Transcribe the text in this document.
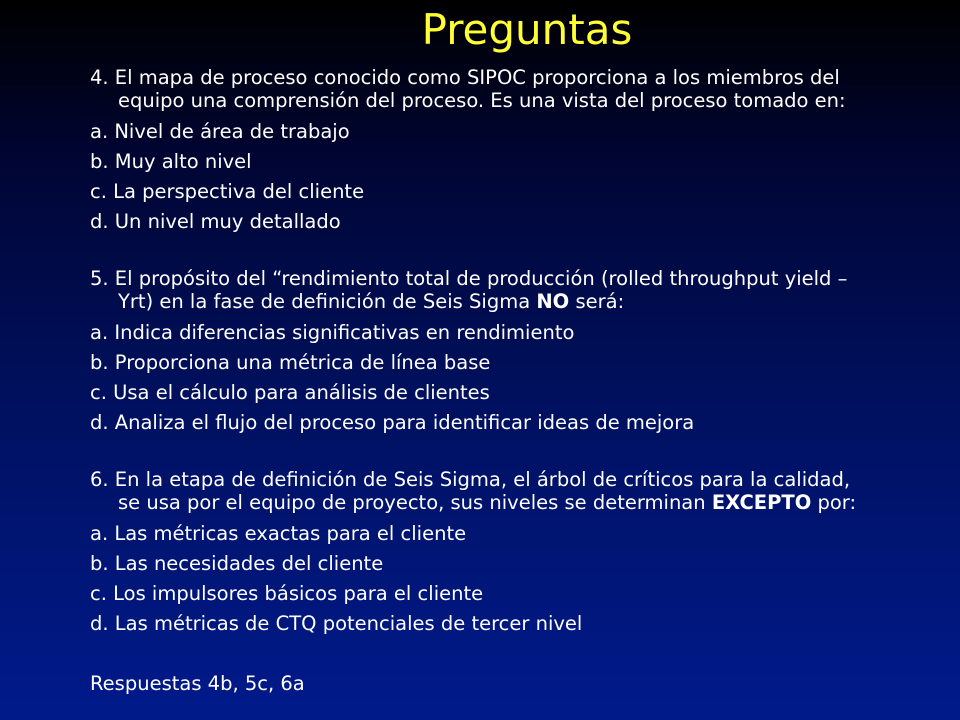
Preguntas

4. El mapa de proceso conocido como SIPOC proporciona a los miembros del
equipo una comprensión del proceso. Es una vista del proceso tomado en:

a. Nivel de área de trabajo

b. Muy alto nivel

c. La perspectiva del cliente

d. Un nivel muy detallado

5. El propósito del “rendimiento total de producción (rolled throughput yield –
Yrt) en la fase de definición de Seis Sigma NO será:

a. Indica diferencias significativas en rendimiento

b. Proporciona una métrica de línea base

c. Usa el cálculo para análisis de clientes

d. Analiza el flujo del proceso para identificar ideas de mejora

6. En la etapa de definición de Seis Sigma, el árbol de críticos para la calidad,
se usa por el equipo de proyecto, sus niveles se determinan EXCEPTO por:

a. Las métricas exactas para el cliente

b. Las necesidades del cliente

c. Los impulsores básicos para el cliente

d. Las métricas de CTQ potenciales de tercer nivel

Respuestas 4b, 5c, 6a
